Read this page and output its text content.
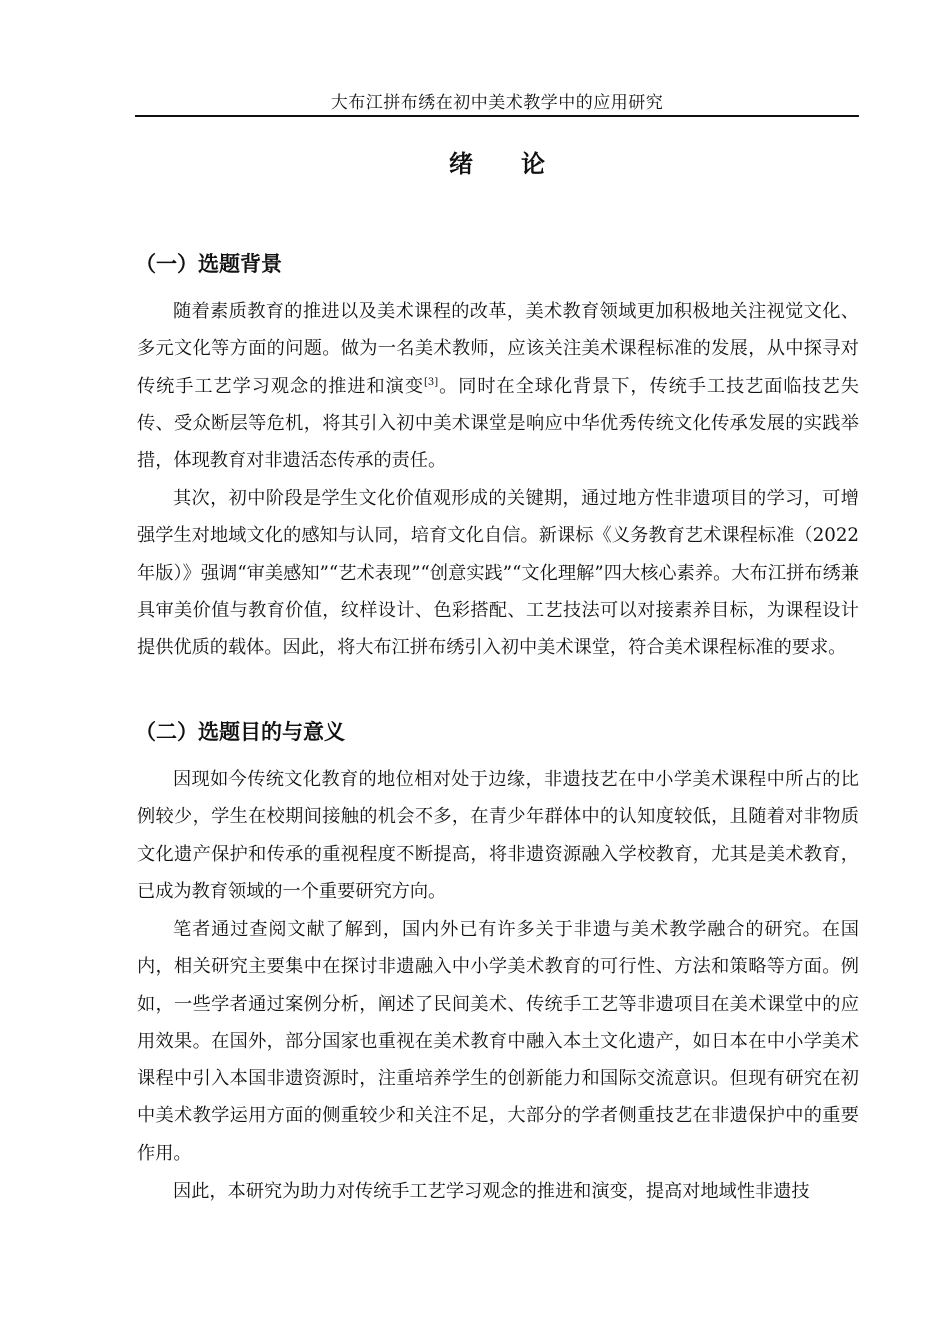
大布江拼布绣在初中美术教学中的应用研究
绪 论
（一）选题背景

随着素质教育的推进以及美术课程的改革，美术教育领域更加积极地关注视觉文化、多元文化等方面的问题。做为一名美术教师，应该关注美术课程标准的发展，从中探寻对传统手工艺学习观念的推进和演变[3]。同时在全球化背景下，传统手工技艺面临技艺失传、受众断层等危机，将其引入初中美术课堂是响应中华优秀传统文化传承发展的实践举措，体现教育对非遗活态传承的责任。

其次，初中阶段是学生文化价值观形成的关键期，通过地方性非遗项目的学习，可增强学生对地域文化的感知与认同，培育文化自信。新课标《义务教育艺术课程标准（2022年版）》强调“审美感知”“艺术表现”“创意实践”“文化理解”四大核心素养。大布江拼布绣兼具审美价值与教育价值，纹样设计、色彩搭配、工艺技法可以对接素养目标，为课程设计提供优质的载体。因此，将大布江拼布绣引入初中美术课堂，符合美术课程标准的要求。

（二）选题目的与意义

因现如今传统文化教育的地位相对处于边缘，非遗技艺在中小学美术课程中所占的比例较少，学生在校期间接触的机会不多，在青少年群体中的认知度较低，且随着对非物质文化遗产保护和传承的重视程度不断提高，将非遗资源融入学校教育，尤其是美术教育，已成为教育领域的一个重要研究方向。

笔者通过查阅文献了解到，国内外已有许多关于非遗与美术教学融合的研究。在国内，相关研究主要集中在探讨非遗融入中小学美术教育的可行性、方法和策略等方面。例如，一些学者通过案例分析，阐述了民间美术、传统手工艺等非遗项目在美术课堂中的应用效果。在国外，部分国家也重视在美术教育中融入本土文化遗产，如日本在中小学美术课程中引入本国非遗资源时，注重培养学生的创新能力和国际交流意识。但现有研究在初中美术教学运用方面的侧重较少和关注不足，大部分的学者侧重技艺在非遗保护中的重要作用。

因此，本研究为助力对传统手工艺学习观念的推进和演变，提高对地域性非遗技
